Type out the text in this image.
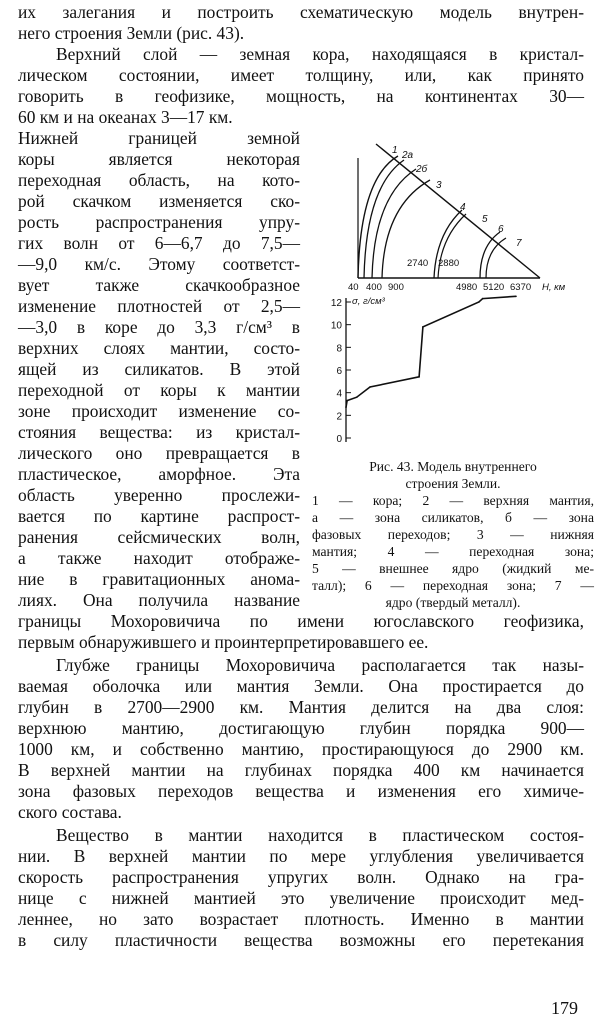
их залегания и построить схематическую модель внутрен-
него строения Земли (рис. 43).
Верхний слой — земная кора, находящаяся в кристал-
лическом состоянии, имеет толщину, или, как принято
говорить в геофизике, мощность, на континентах 30—
60 км и на океанах 3—17 км.
Нижней границей земной
коры является некоторая
переходная область, на кото-
рой скачком изменяется ско-
рость распространения упру-
гих волн от 6—6,7 до 7,5—
—9,0 км/с. Этому соответст-
вует также скачкообразное
изменение плотностей от 2,5—
—3,0 в коре до 3,3 г/см³ в
верхних слоях мантии, состо-
ящей из силикатов. В этой
переходной от коры к мантии
зоне происходит изменение со-
стояния вещества: из кристал-
лического оно превращается в
пластическое, аморфное. Эта
область уверенно прослежи-
вается по картине распрост-
ранения сейсмических волн,
а также находит отображе-
ние в гравитационных анома-
лиях. Она получила название
границы Мохоровичича по имени югославского геофизика,
первым обнаружившего и проинтерпретировавшего ее.
Глубже границы Мохоровичича располагается так назы-
ваемая оболочка или мантия Земли. Она простирается до
глубин в 2700—2900 км. Мантия делится на два слоя:
верхнюю мантию, достигающую глубин порядка 900—
1000 км, и собственно мантию, простирающуюся до 2900 км.
В верхней мантии на глубинах порядка 400 км начинается
зона фазовых переходов вещества и изменения его химиче-
ского состава.
Вещество в мантии находится в пластическом состоя-
нии. В верхней мантии по мере углубления увеличивается
скорость распространения упругих волн. Однако на гра-
нице с нижней мантией это увеличение происходит мед-
леннее, но зато возрастает плотность. Именно в мантии
в силу пластичности вещества возможны его перетекания
1 2a
2б
3
4
5
6
7
2740 2880
40 400 900	4980 5120 6370 H, км
0
2
4
6
8
10
12 σ, г/см³
Рис. 43. Модель внутреннего
строения Земли.
1 — кора; 2 — верхняя мантия,
а — зона силикатов, б — зона
фазовых переходов; 3 — нижняя
мантия; 4 — переходная зона;
5 — внешнее ядро (жидкий ме-
талл); 6 — переходная зона; 7 —
ядро (твердый металл).
179
